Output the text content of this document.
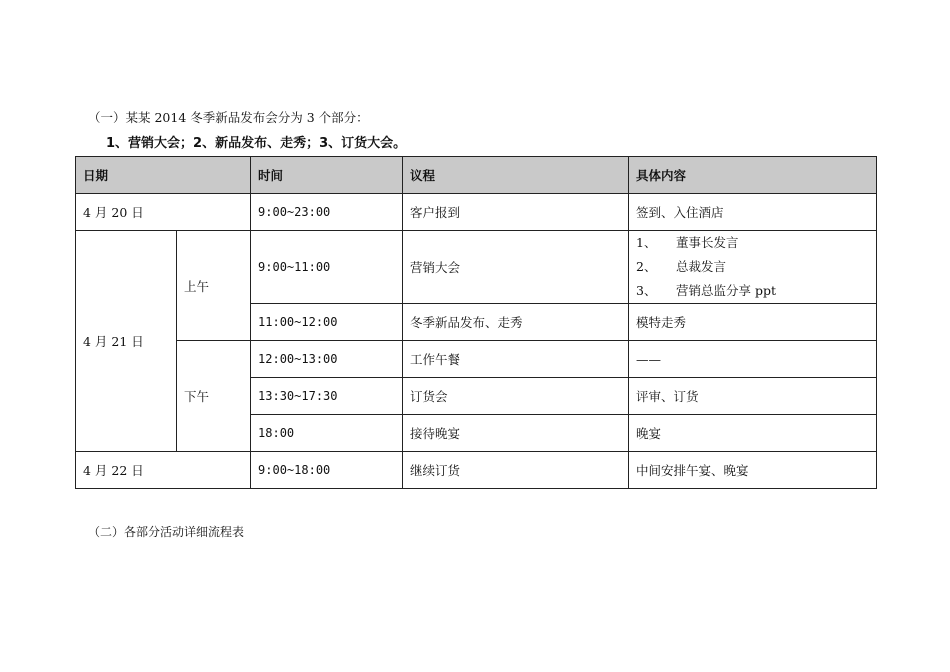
（一）某某 2014 冬季新品发布会分为 3 个部分：
1、营销大会；2、新品发布、走秀；3、订货大会。
日期		时间	议程	具体内容
4 月 20 日		9:00~23:00	客户报到	签到、入住酒店
4 月 21 日	上午	9:00~11:00	营销大会	1、 董事长发言
2、 总裁发言
3、 营销总监分享 ppt

		11:00~12:00	冬季新品发布、走秀	模特走秀
	下午	12:00~13:00	工作午餐	——
		13:30~17:30	订货会	评审、订货
		18:00	接待晚宴	晚宴
4 月 22 日		9:00~18:00	继续订货	中间安排午宴、晚宴
（二）各部分活动详细流程表
